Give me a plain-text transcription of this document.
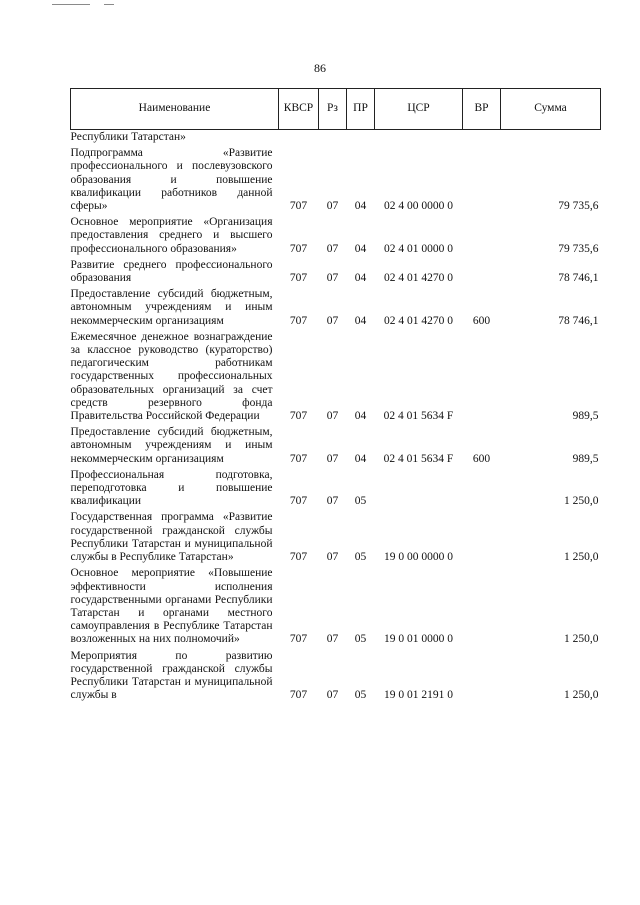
86
Наименование	КВСР	Рз	ПР	ЦСР	ВР	Сумма
Республики Татарстан»						
Подпрограмма «Развитие профессионального и послевузовского образования и повышение квалификации работников данной сферы»	707	07	04	02 4 00 0000 0		79 735,6
Основное мероприятие «Организация предоставления среднего и высшего профессионального образования»	707	07	04	02 4 01 0000 0		79 735,6
Развитие среднего профессионального образования	707	07	04	02 4 01 4270 0		78 746,1
Предоставление субсидий бюджетным, автономным учреждениям и иным некоммерческим организациям	707	07	04	02 4 01 4270 0	600	78 746,1
Ежемесячное денежное вознаграждение за классное руководство (кураторство) педагогическим работникам государственных профессиональных образовательных организаций за счет средств резервного фонда Правительства Российской Федерации	707	07	04	02 4 01 5634 F		989,5
Предоставление субсидий бюджетным, автономным учреждениям и иным некоммерческим организациям	707	07	04	02 4 01 5634 F	600	989,5
Профессиональная подготовка, переподготовка и повышение квалификации	707	07	05			1 250,0
Государственная программа «Развитие государственной гражданской службы Республики Татарстан и муниципальной службы в Республике Татарстан»	707	07	05	19 0 00 0000 0		1 250,0
Основное мероприятие «Повышение эффективности исполнения государственными органами Республики Татарстан и органами местного самоуправления в Республике Татарстан возложенных на них полномочий»	707	07	05	19 0 01 0000 0		1 250,0
Мероприятия по развитию государственной гражданской службы Республики Татарстан и муниципальной службы в	707	07	05	19 0 01 2191 0		1 250,0
